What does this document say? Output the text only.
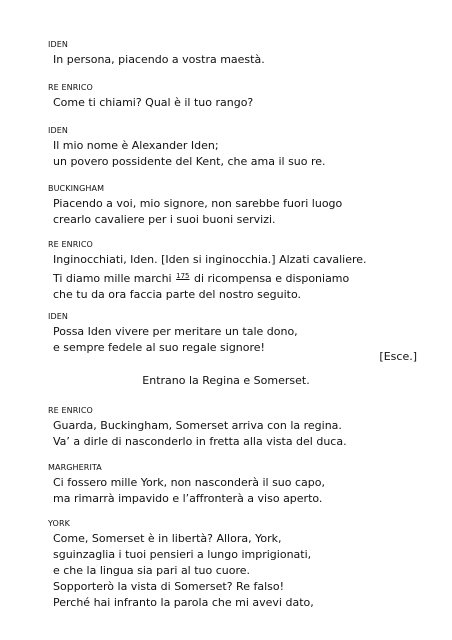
IDEN
In persona, piacendo a vostra maestà.
RE ENRICO
Come ti chiami? Qual è il tuo rango?
IDEN
Il mio nome è Alexander Iden;
un povero possidente del Kent, che ama il suo re.
BUCKINGHAM
Piacendo a voi, mio signore, non sarebbe fuori luogo
crearlo cavaliere per i suoi buoni servizi.
RE ENRICO
Inginocchiati, Iden. [Iden si inginocchia.] Alzati cavaliere.
Ti diamo mille marchi $^{175}$ di ricompensa e disponiamo
che tu da ora faccia parte del nostro seguito.
IDEN
Possa Iden vivere per meritare un tale dono,
e sempre fedele al suo regale signore!
[Esce.]
Entrano la Regina e Somerset.
RE ENRICO
Guarda, Buckingham, Somerset arriva con la regina.
Va’ a dirle di nasconderlo in fretta alla vista del duca.
MARGHERITA
Ci fossero mille York, non nasconderà il suo capo,
ma rimarrà impavido e l’affronterà a viso aperto.
YORK
Come, Somerset è in libertà? Allora, York,
sguinzaglia i tuoi pensieri a lungo imprigionati,
e che la lingua sia pari al tuo cuore.
Sopporterò la vista di Somerset? Re falso!
Perché hai infranto la parola che mi avevi dato,
